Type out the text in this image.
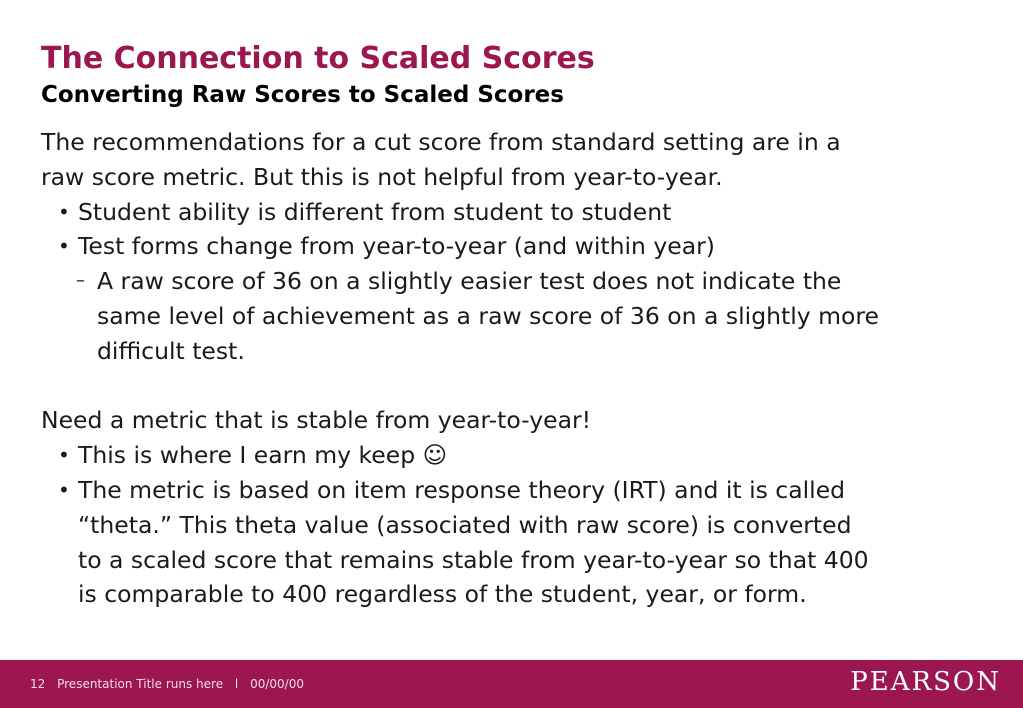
The Connection to Scaled Scores
Converting Raw Scores to Scaled Scores

The recommendations for a cut score from standard setting are in a
raw score metric. But this is not helpful from year-to-year.

• Student ability is different from student to student

• Test forms change from year-to-year (and within year)

– A raw score of 36 on a slightly easier test does not indicate the
same level of achievement as a raw score of 36 on a slightly more
difficult test.

Need a metric that is stable from year-to-year!

• This is where I earn my keep ☺

• The metric is based on item response theory (IRT) and it is called
“theta.” This theta value (associated with raw score) is converted
to a scaled score that remains stable from year-to-year so that 400
is comparable to 400 regardless of the student, year, or form.

12 Presentation Title runs here l 00/00/00	PEARSON
